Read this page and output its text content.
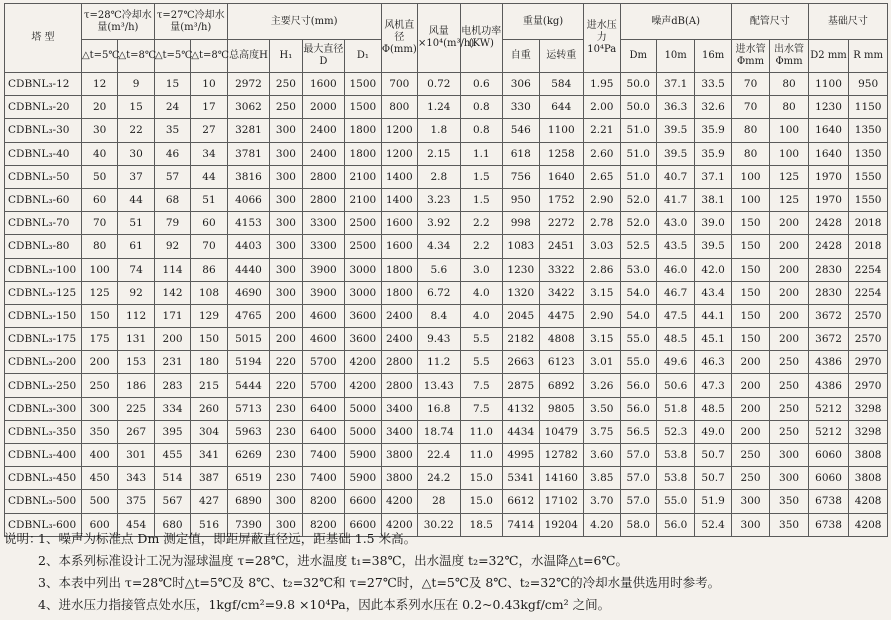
塔 型	τ=28℃冷却水量(m³/h)		τ=27℃冷却水量(m³/h)		主要尺寸(mm)				风机直径Φ(mm)	风量×10⁴(m³/h)	电机功率(KW)	重量(kg)		进水压力10⁴Pa	噪声dB(A)			配管尺寸		基础尺寸	
	△t=5℃	△t=8℃	△t=5℃	△t=8℃	总高度H	H₁	最大直径D	D₁				自重	运转重		Dm	10m	16m	进水管Φmm	出水管Φmm	D2 mm	R mm
CDBNL₃-12	12	9	15	10	2972	250	1600	1500	700	0.72	0.6	306	584	1.95	50.0	37.1	33.5	70	80	1100	950
CDBNL₃-20	20	15	24	17	3062	250	2000	1500	800	1.24	0.8	330	644	2.00	50.0	36.3	32.6	70	80	1230	1150
CDBNL₃-30	30	22	35	27	3281	300	2400	1800	1200	1.8	0.8	546	1100	2.21	51.0	39.5	35.9	80	100	1640	1350
CDBNL₃-40	40	30	46	34	3781	300	2400	1800	1200	2.15	1.1	618	1258	2.60	51.0	39.5	35.9	80	100	1640	1350
CDBNL₃-50	50	37	57	44	3816	300	2800	2100	1400	2.8	1.5	756	1640	2.65	51.0	40.7	37.1	100	125	1970	1550
CDBNL₃-60	60	44	68	51	4066	300	2800	2100	1400	3.23	1.5	950	1752	2.90	52.0	41.7	38.1	100	125	1970	1550
CDBNL₃-70	70	51	79	60	4153	300	3300	2500	1600	3.92	2.2	998	2272	2.78	52.0	43.0	39.0	150	200	2428	2018
CDBNL₃-80	80	61	92	70	4403	300	3300	2500	1600	4.34	2.2	1083	2451	3.03	52.5	43.5	39.5	150	200	2428	2018
CDBNL₃-100	100	74	114	86	4440	300	3900	3000	1800	5.6	3.0	1230	3322	2.86	53.0	46.0	42.0	150	200	2830	2254
CDBNL₃-125	125	92	142	108	4690	300	3900	3000	1800	6.72	4.0	1320	3422	3.15	54.0	46.7	43.4	150	200	2830	2254
CDBNL₃-150	150	112	171	129	4765	200	4600	3600	2400	8.4	4.0	2045	4475	2.90	54.0	47.5	44.1	150	200	3672	2570
CDBNL₃-175	175	131	200	150	5015	200	4600	3600	2400	9.43	5.5	2182	4808	3.15	55.0	48.5	45.1	150	200	3672	2570
CDBNL₃-200	200	153	231	180	5194	220	5700	4200	2800	11.2	5.5	2663	6123	3.01	55.0	49.6	46.3	200	250	4386	2970
CDBNL₃-250	250	186	283	215	5444	220	5700	4200	2800	13.43	7.5	2875	6892	3.26	56.0	50.6	47.3	200	250	4386	2970
CDBNL₃-300	300	225	334	260	5713	230	6400	5000	3400	16.8	7.5	4132	9805	3.50	56.0	51.8	48.5	200	250	5212	3298
CDBNL₃-350	350	267	395	304	5963	230	6400	5000	3400	18.74	11.0	4434	10479	3.75	56.5	52.3	49.0	200	250	5212	3298
CDBNL₃-400	400	301	455	341	6269	230	7400	5900	3800	22.4	11.0	4995	12782	3.60	57.0	53.8	50.7	250	300	6060	3808
CDBNL₃-450	450	343	514	387	6519	230	7400	5900	3800	24.2	15.0	5341	14160	3.85	57.0	53.8	50.7	250	300	6060	3808
CDBNL₃-500	500	375	567	427	6890	300	8200	6600	4200	28	15.0	6612	17102	3.70	57.0	55.0	51.9	300	350	6738	4208
CDBNL₃-600	600	454	680	516	7390	300	8200	6600	4200	30.22	18.5	7414	19204	4.20	58.0	56.0	52.4	300	350	6738	4208
说明：1、噪声为标准点 Dm 测定值，即距屏蔽直径远，距基础 1.5 米高。
2、本系列标准设计工况为湿球温度 τ=28℃，进水温度 t₁=38℃，出水温度 t₂=32℃，水温降△t=6℃。
3、本表中列出 τ=28℃时△t=5℃及 8℃、t₂=32℃和 τ=27℃时，△t=5℃及 8℃、t₂=32℃的冷却水量供选用时参考。
4、进水压力指接管点处水压，1kgf/cm²=9.8 ×10⁴Pa，因此本系列水压在 0.2~0.43kgf/cm² 之间。
